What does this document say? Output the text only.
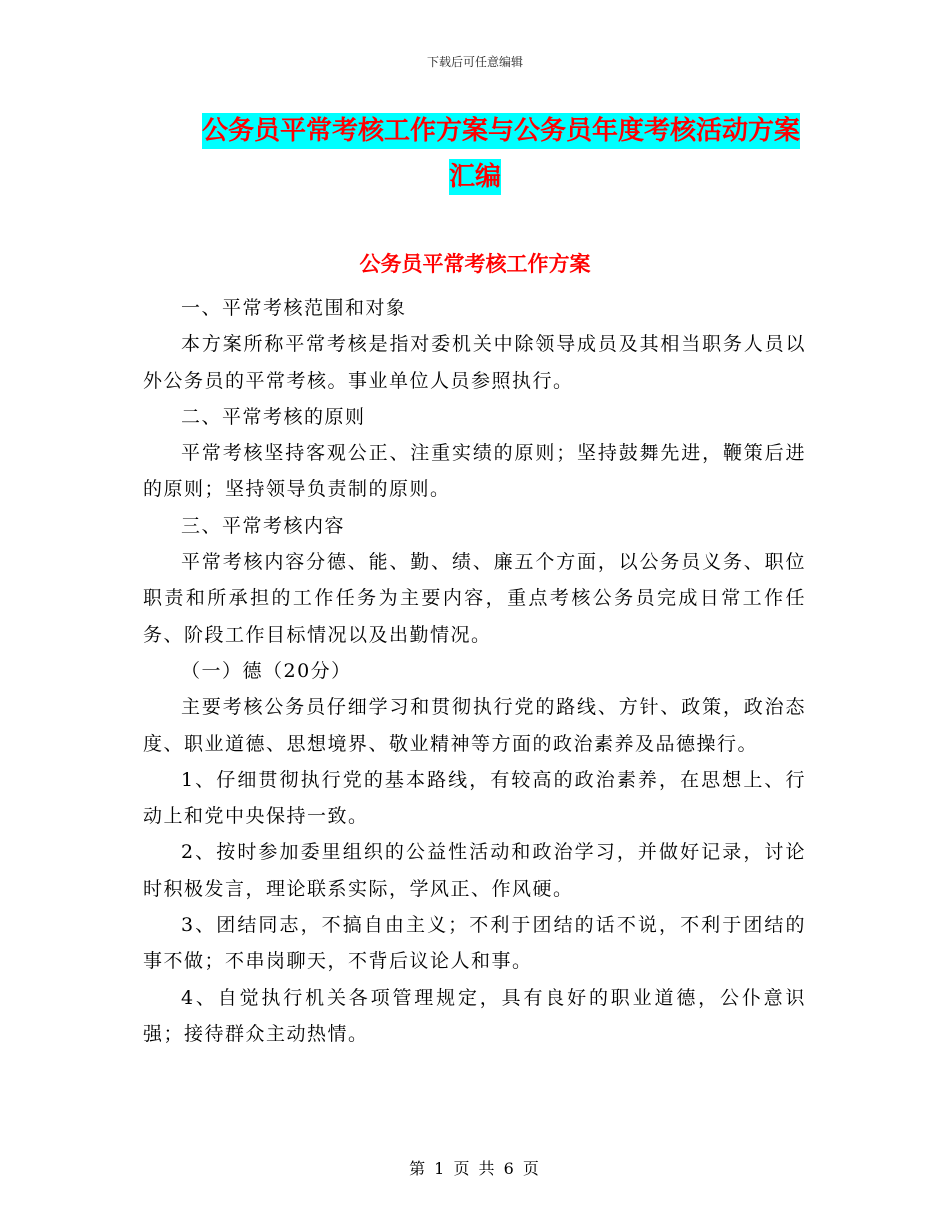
下载后可任意编辑
公务员平常考核工作方案与公务员年度考核活动方案
汇编
公务员平常考核工作方案

一、平常考核范围和对象

本方案所称平常考核是指对委机关中除领导成员及其相当职务人员以外公务员的平常考核。事业单位人员参照执行。

二、平常考核的原则

平常考核坚持客观公正、注重实绩的原则；坚持鼓舞先进，鞭策后进的原则；坚持领导负责制的原则。

三、平常考核内容

平常考核内容分德、能、勤、绩、廉五个方面，以公务员义务、职位职责和所承担的工作任务为主要内容，重点考核公务员完成日常工作任务、阶段工作目标情况以及出勤情况。

（一）德（20分）

主要考核公务员仔细学习和贯彻执行党的路线、方针、政策，政治态度、职业道德、思想境界、敬业精神等方面的政治素养及品德操行。

1、仔细贯彻执行党的基本路线，有较高的政治素养，在思想上、行动上和党中央保持一致。

2、按时参加委里组织的公益性活动和政治学习，并做好记录，讨论时积极发言，理论联系实际，学风正、作风硬。

3、团结同志，不搞自由主义；不利于团结的话不说，不利于团结的事不做；不串岗聊天，不背后议论人和事。

4、自觉执行机关各项管理规定，具有良好的职业道德，公仆意识强；接待群众主动热情。

第 1 页 共 6 页
